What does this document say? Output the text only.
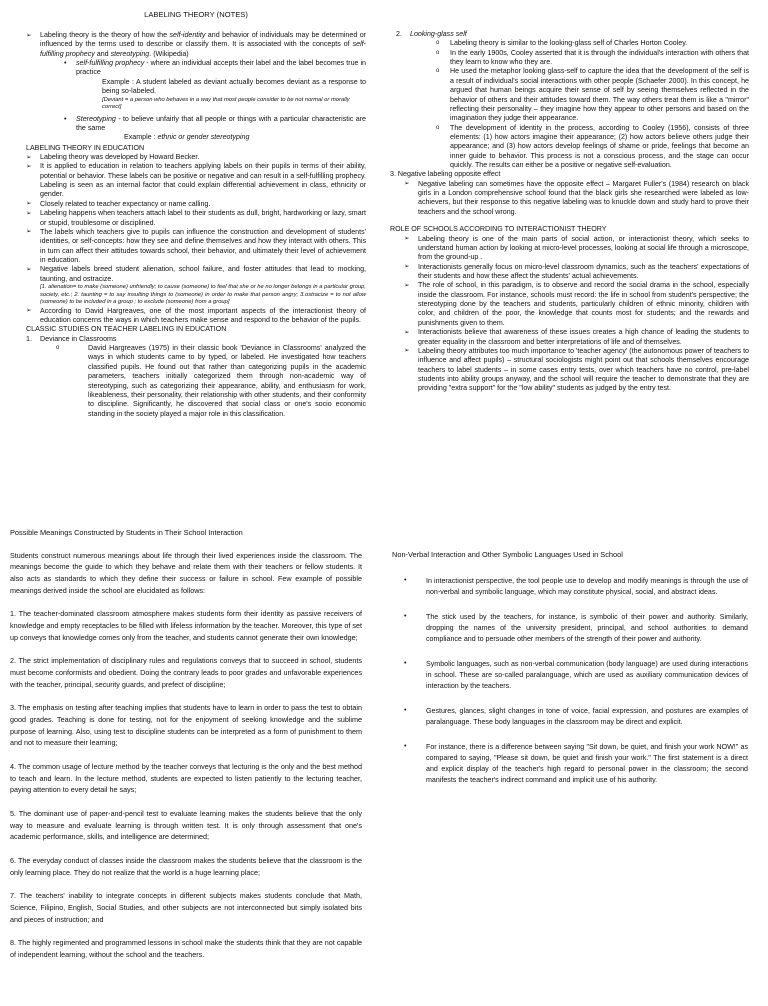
LABELING THEORY (NOTES)

➢	Labeling theory is the theory of how the self-identity and behavior of individuals may be determined or influenced by the terms used to describe or classify them. It is associated with the concepts of self-fulfilling prophecy and stereotyping. (Wikipedia)

•	self-fulfilling prophecy - where an individual accepts their label and the label becomes true in practice

Example : A student labeled as deviant actually becomes deviant as a response to being so-labeled.

[Deviant = a person who behaves in a way that most people consider to be not normal or morally correct]

•	Stereotyping - to believe unfairly that all people or things with a particular characteristic are the same

Example : ethnic or gender stereotyping

LABELING THEORY IN EDUCATION

➢	Labeling theory was developed by Howard Becker.

➢	It is applied to education in relation to teachers applying labels on their pupils in terms of their ability, potential or behavior. These labels can be positive or negative and can result in a self-fulfilling prophecy. Labeling is seen as an internal factor that could explain differential achievement in class, ethnicity or gender.

➢	Closely related to teacher expectancy or name calling.

➢	Labeling happens when teachers attach label to their students as dull, bright, hardworking or lazy, smart or stupid, troublesome or disciplined.

➢	The labels which teachers give to pupils can influence the construction and development of students' identities, or self-concepts: how they see and define themselves and how they interact with others. This in turn can affect their attitudes towards school, their behavior, and ultimately their level of achievement in education.

➢	Negative labels breed student alienation, school failure, and foster attitudes that lead to mocking, taunting, and ostracize.

[1. alienation= to make (someone) unfriendly; to cause (someone) to feel that she or he no longer belongs in a particular group, society, etc.; 2. taunting = to say insulting things to (someone) in order to make that person angry; 3.ostracize = to not allow (someone) to be included in a group ; to exclude (someone) from a group]

➢	According to David Hargreaves, one of the most important aspects of the interactionist theory of education concerns the ways in which teachers make sense and respond to the behavior of the pupils.

CLASSIC STUDIES ON TEACHER LABELING IN EDUCATION

1.	Deviance in Classrooms

o	David Hargreaves (1975) in their classic book 'Deviance in Classrooms' analyzed the ways in which students came to by typed, or labeled. He investigated how teachers classified pupils. He found out that rather than categorizing pupils in the academic parameters, teachers initially categorized them through non-academic way of stereotyping, such as categorizing their appearance, ability, and enthusiasm for work, likeableness, their personality, their relationship with other students, and their conformity to discipline. Significantly, he discovered that social class or one's socio economic standing in the society played a major role in this classification.

2.	Looking-glass self

o	Labeling theory is similar to the looking-glass self of Charles Horton Cooley.

o	In the early 1900s, Cooley asserted that it is through the individual's interaction with others that they learn to know who they are.

o	He used the metaphor looking glass-self to capture the idea that the development of the self is a result of individual's social interactions with other people (Schaefer 2000). In this concept, he argued that human beings acquire their sense of self by seeing themselves reflected in the behavior of others and their attitudes toward them. The way others treat them is like a "mirror" reflecting their personality – they imagine how they appear to other persons and based on the imagination they judge their appearance.

o	The development of identity in the process, according to Cooley (1956), consists of three elements: (1) how actors imagine their appearance; (2) how actors believe others judge their appearance; and (3) how actors develop feelings of shame or pride, feelings that become an inner guide to behavior. This process is not a conscious process, and the stage can occur quickly. The results can either be a positive or negative self-evaluation.

3. Negative labeling opposite effect

➢	Negative labeling can sometimes have the opposite effect – Margaret Fuller's (1984) research on black girls in a London comprehensive school found that the black girls she researched were labeled as low-achievers, but their response to this negative labeling was to knuckle down and study hard to prove their teachers and the school wrong.

ROLE OF SCHOOLS ACCORDING TO INTERACTIONIST THEORY

➢	Labeling theory is one of the main parts of social action, or interactionist theory, which seeks to understand human action by looking at micro-level processes, looking at social life through a microscope, from the ground-up .

➢	Interactionists generally focus on micro-level classroom dynamics, such as the teachers' expectations of their students and how these affect the students' actual achievements.

➢	The role of school, in this paradigm, is to observe and record the social drama in the school, especially inside the classroom. For instance, schools must record: the life in school from student's perspective; the stereotyping done by the teachers and students, particularly children of ethnic minority, children with color, and children of the poor, the knowledge that counts most for students; and the rewards and punishments given to them.

➢	Interactionists believe that awareness of these issues creates a high chance of leading the students to greater equality in the classroom and better interpretations of life and of themselves.

➢	Labeling theory attributes too much importance to 'teacher agency' (the autonomous power of teachers to influence and affect pupils) – structural sociologists might point out that schools themselves encourage teachers to label students – in some cases entry tests, over which teachers have no control, pre-label students into ability groups anyway, and the school will require the teacher to demonstrate that they are providing "extra support" for the "low ability" students as judged by the entry test.

Possible Meanings Constructed by Students in Their School Interaction

Students construct numerous meanings about life through their lived experiences inside the classroom. The meanings become the guide to which they behave and relate them with their teachers or fellow students. It also acts as standards to which they define their success or failure in school. Few example of possible meanings derived inside the school are elucidated as follows:

1. The teacher-dominated classroom atmosphere makes students form their identity as passive receivers of knowledge and empty receptacles to be filled with lifeless information by the teacher. Moreover, this type of set up conveys that knowledge comes only from the teacher, and students cannot generate their own knowledge;

2. The strict implementation of disciplinary rules and regulations conveys that to succeed in school, students must become conformists and obedient. Doing the contrary leads to poor grades and unfavorable experiences with the teacher, principal, security guards, and prefect of discipline;

3. The emphasis on testing after teaching implies that students have to learn in order to pass the test to obtain good grades. Teaching is done for testing, not for the enjoyment of seeking knowledge and the sublime purpose of learning. Also, using test to discipline students can be interpreted as a form of punishment to them and not to measure their learning;

4. The common usage of lecture method by the teacher conveys that lecturing is the only and the best method to teach and learn. In the lecture method, students are expected to listen patiently to the lecturing teacher, paying attention to every detail he says;

5. The dominant use of paper-and-pencil test to evaluate learning makes the students believe that the only way to measure and evaluate learning is through written test. It is only through assessment that one's academic performance, skills, and intelligence are determined;

6. The everyday conduct of classes inside the classroom makes the students believe that the classroom is the only learning place. They do not realize that the world is a huge learning place;

7. The teachers' inability to integrate concepts in different subjects makes students conclude that Math, Science, Filipino, English, Social Studies, and other subjects are not interconnected but simply isolated bits and pieces of instruction; and

8. The highly regimented and programmed lessons in school make the students think that they are not capable of independent learning, without the school and the teachers.

Non-Verbal Interaction and Other Symbolic Languages Used in School

•	In interactionist perspective, the tool people use to develop and modify meanings is through the use of non-verbal and symbolic language, which may constitute physical, social, and abstract ideas.

•	The stick used by the teachers, for instance, is symbolic of their power and authority. Similarly, dropping the names of the university president, principal, and school authorities to demand compliance and to persuade other members of the strength of their power and authority.

•	Symbolic languages, such as non-verbal communication (body language) are used during interactions in school. These are so-called paralanguage, which are used as auxiliary communication devices of interaction by the teachers.

•	Gestures, glances, slight changes in tone of voice, facial expression, and postures are examples of paralanguage. These body languages in the classroom may be direct and explicit.

•	For instance, there is a difference between saying "Sit down, be quiet, and finish your work NOW!" as compared to saying, "Please sit down, be quiet and finish your work." The first statement is a direct and explicit display of the teacher's high regard to personal power in the classroom; the second manifests the teacher's indirect command and implicit use of his authority.
